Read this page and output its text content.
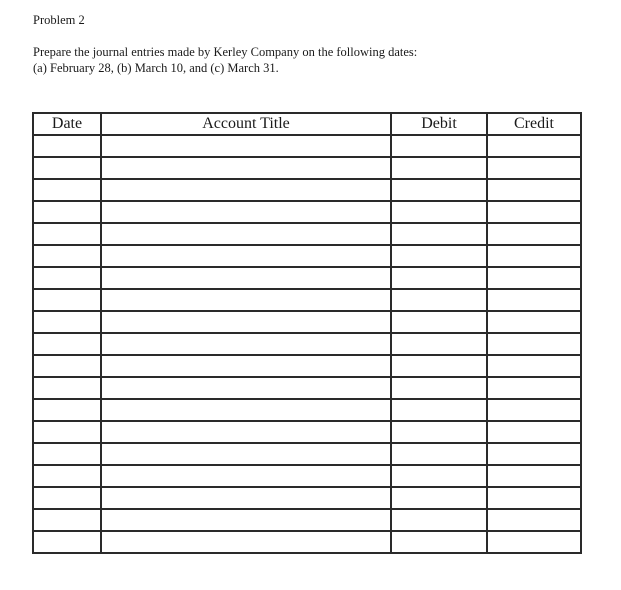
Problem 2
Prepare the journal entries made by Kerley Company on the following dates:
(a) February 28, (b) March 10, and (c) March 31.
Date	Account Title	Debit	Credit
